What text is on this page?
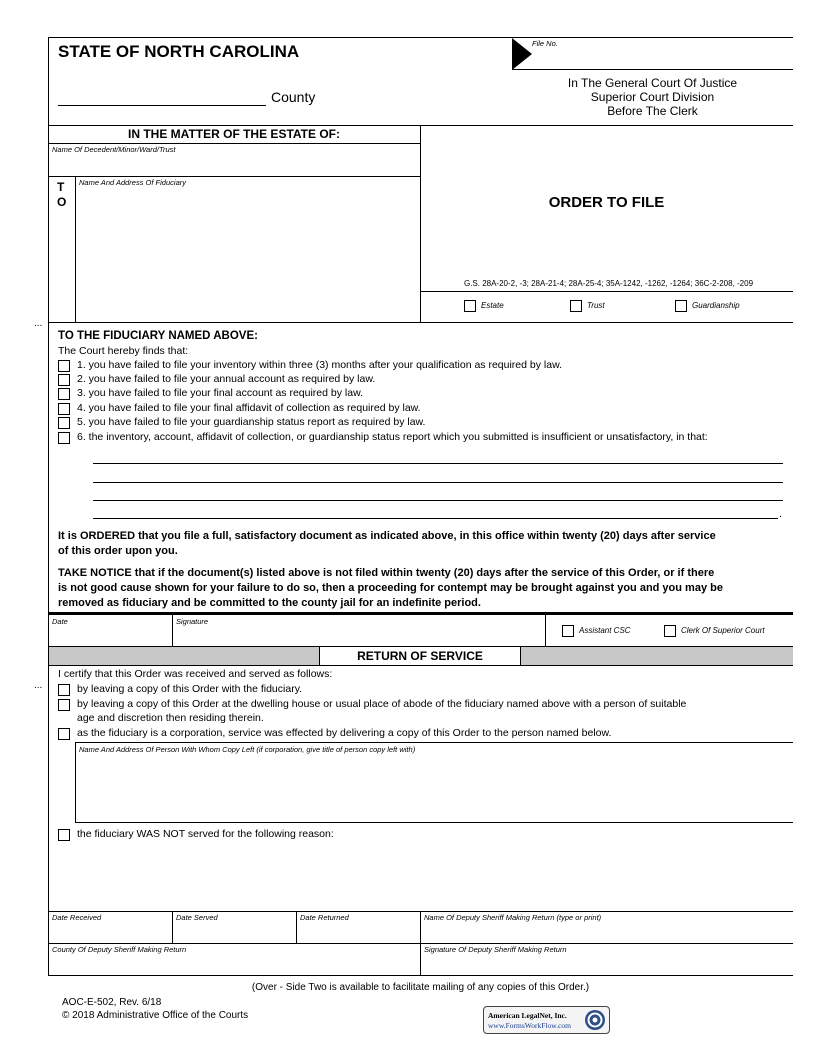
STATE OF NORTH CAROLINA
County
File No.
In The General Court Of Justice
Superior Court Division
Before The Clerk
IN THE MATTER OF THE ESTATE OF:
Name Of Decedent/Minor/Ward/Trust
T
O
Name And Address Of Fiduciary
ORDER TO FILE
G.S. 28A-20-2, -3; 28A-21-4; 28A-25-4; 35A-1242, -1262, -1264; 36C-2-208, -209
Estate	Trust	Guardianship
...
TO THE FIDUCIARY NAMED ABOVE:
The Court hereby finds that:
1. you have failed to file your inventory within three (3) months after your qualification as required by law.
2. you have failed to file your annual account as required by law.
3. you have failed to file your final account as required by law.
4. you have failed to file your final affidavit of collection as required by law.
5. you have failed to file your guardianship status report as required by law.
6. the inventory, account, affidavit of collection, or guardianship status report which you submitted is insufficient or unsatisfactory, in that:
.
It is ORDERED that you file a full, satisfactory document as indicated above, in this office within twenty (20) days after service
of this order upon you.
TAKE NOTICE that if the document(s) listed above is not filed within twenty (20) days after the service of this Order, or if there
is not good cause shown for your failure to do so, then a proceeding for contempt may be brought against you and you may be
removed as fiduciary and be committed to the county jail for an indefinite period.
Date	Signature
Assistant CSC	Clerk Of Superior Court
RETURN OF SERVICE
I certify that this Order was received and served as follows:
...	by leaving a copy of this Order with the fiduciary.
by leaving a copy of this Order at the dwelling house or usual place of abode of the fiduciary named above with a person of suitable
age and discretion then residing therein.
as the fiduciary is a corporation, service was effected by delivering a copy of this Order to the person named below.
Name And Address Of Person With Whom Copy Left (if corporation, give title of person copy left with)
the fiduciary WAS NOT served for the following reason:
Date Received	Date Served	Date Returned	Name Of Deputy Sheriff Making Return (type or print)
County Of Deputy Sheriff Making Return	Signature Of Deputy Sheriff Making Return
(Over - Side Two is available to facilitate mailing of any copies of this Order.)
AOC-E-502, Rev. 6/18
© 2018 Administrative Office of the Courts	American LegalNet, Inc.
www.FormsWorkFlow.com
